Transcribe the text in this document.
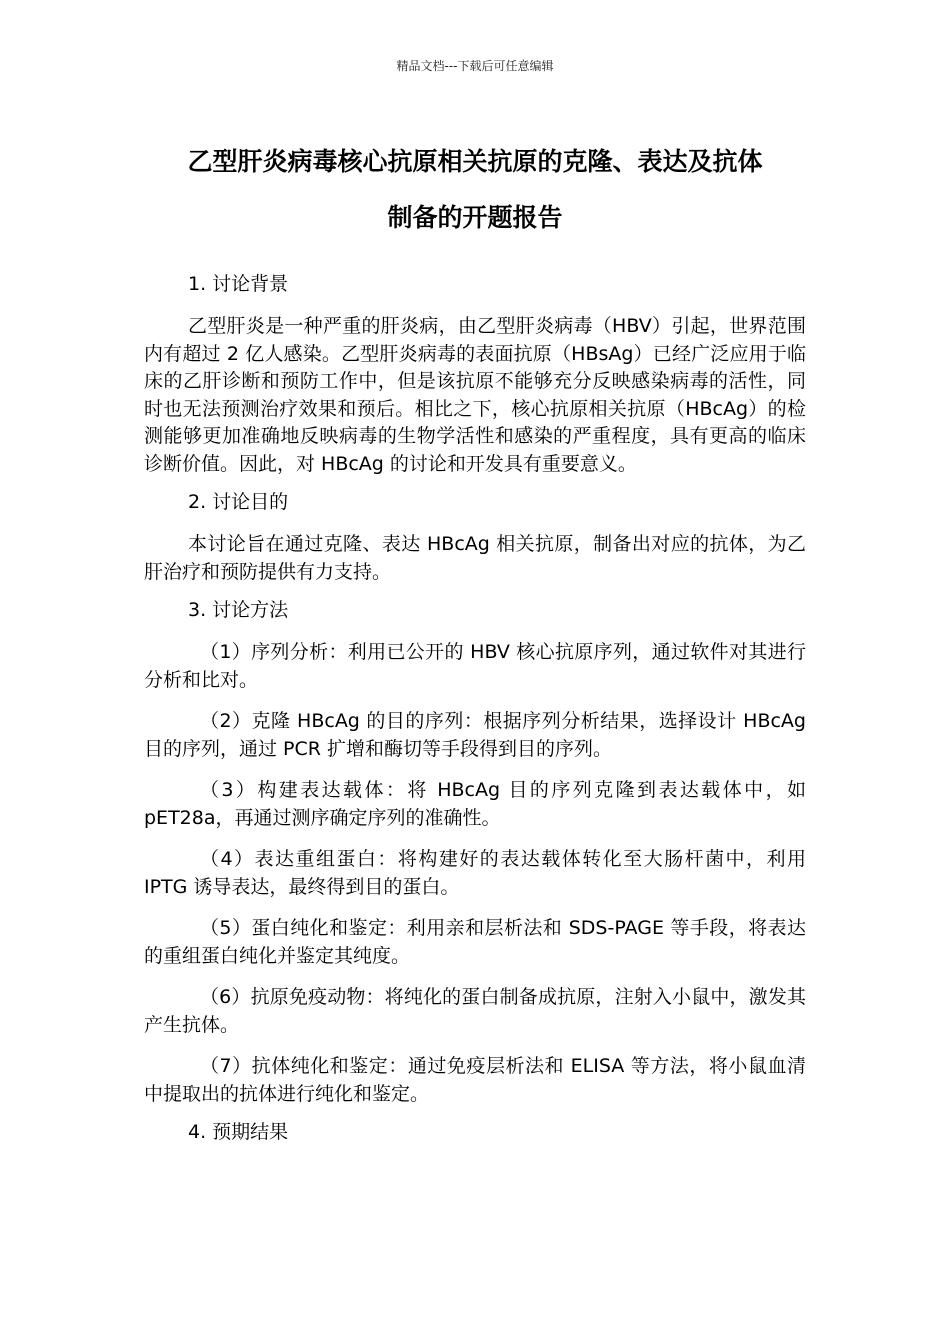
精品文档---下载后可任意编辑
乙型肝炎病毒核心抗原相关抗原的克隆、表达及抗体
制备的开题报告
1. 讨论背景

乙型肝炎是一种严重的肝炎病，由乙型肝炎病毒（HBV）引起，世界范围内有超过 2 亿人感染。乙型肝炎病毒的表面抗原（HBsAg）已经广泛应用于临床的乙肝诊断和预防工作中，但是该抗原不能够充分反映感染病毒的活性，同时也无法预测治疗效果和预后。相比之下，核心抗原相关抗原（HBcAg）的检测能够更加准确地反映病毒的生物学活性和感染的严重程度，具有更高的临床诊断价值。因此，对 HBcAg 的讨论和开发具有重要意义。

2. 讨论目的

本讨论旨在通过克隆、表达 HBcAg 相关抗原，制备出对应的抗体，为乙肝治疗和预防提供有力支持。

3. 讨论方法

（1）序列分析：利用已公开的 HBV 核心抗原序列，通过软件对其进行分析和比对。

（2）克隆 HBcAg 的目的序列：根据序列分析结果，选择设计 HBcAg 目的序列，通过 PCR 扩增和酶切等手段得到目的序列。

（3）构建表达载体：将 HBcAg 目的序列克隆到表达载体中，如 pET28a，再通过测序确定序列的准确性。

（4）表达重组蛋白：将构建好的表达载体转化至大肠杆菌中，利用 IPTG 诱导表达，最终得到目的蛋白。

（5）蛋白纯化和鉴定：利用亲和层析法和 SDS-PAGE 等手段，将表达的重组蛋白纯化并鉴定其纯度。

（6）抗原免疫动物：将纯化的蛋白制备成抗原，注射入小鼠中，激发其产生抗体。

（7）抗体纯化和鉴定：通过免疫层析法和 ELISA 等方法，将小鼠血清中提取出的抗体进行纯化和鉴定。

4. 预期结果
